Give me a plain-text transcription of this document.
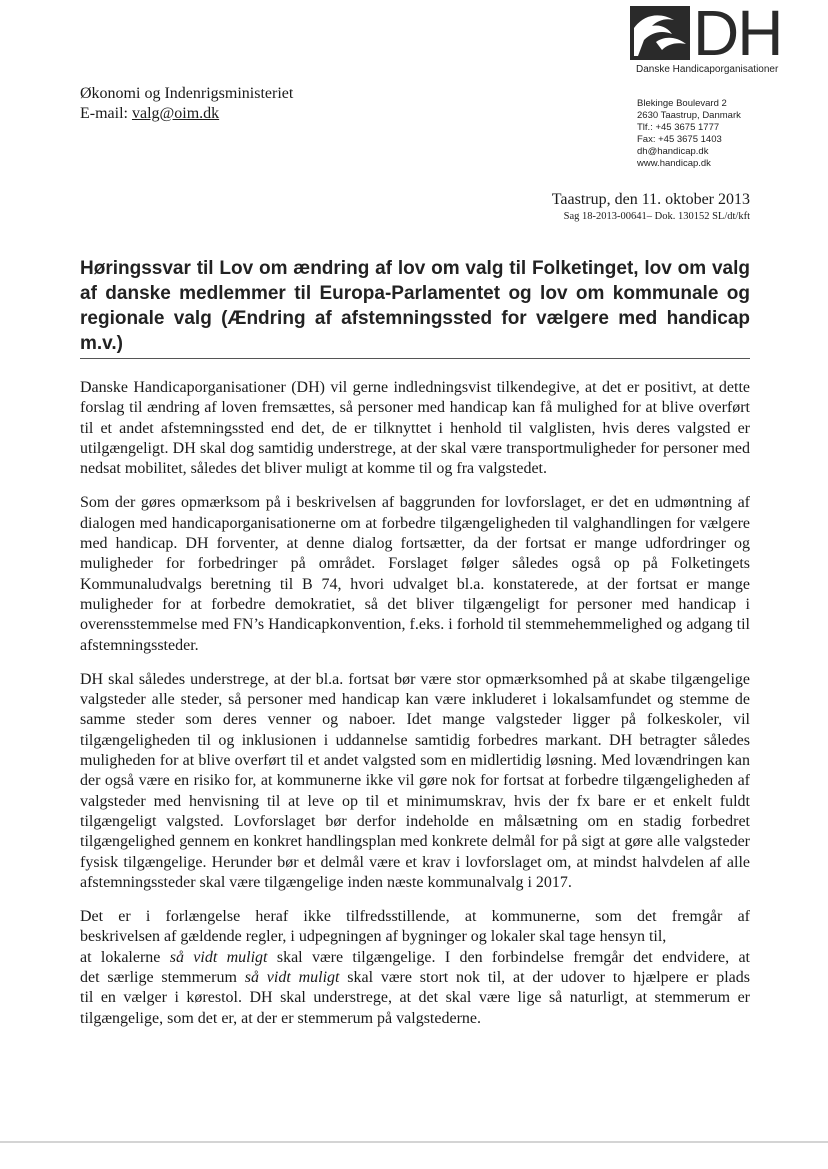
DH
Danske Handicaporganisationer
Økonomi og Indenrigsministeriet
E-mail: valg@oim.dk
Blekinge Boulevard 2
2630 Taastrup, Danmark
Tlf.: +45 3675 1777
Fax: +45 3675 1403
dh@handicap.dk
www.handicap.dk
Taastrup, den 11. oktober 2013
Sag 18-2013-00641– Dok. 130152 SL/dt/kft
Høringssvar til Lov om ændring af lov om valg til Folketinget, lov om valg af danske medlemmer til Europa-Parlamentet og lov om kommunale og regionale valg (Ændring af afstemningssted for vælgere med handicap m.v.)

Danske Handicaporganisationer (DH) vil gerne indledningsvist tilkendegive, at det er positivt, at dette forslag til ændring af loven fremsættes, så personer med handicap kan få mulighed for at blive overført til et andet afstemningssted end det, de er tilknyttet i henhold til valglisten, hvis deres valgsted er utilgængeligt. DH skal dog samtidig understrege, at der skal være transportmuligheder for personer med nedsat mobilitet, således det bliver muligt at komme til og fra valgstedet.

Som der gøres opmærksom på i beskrivelsen af baggrunden for lovforslaget, er det en udmøntning af dialogen med handicaporganisationerne om at forbedre tilgængeligheden til valghandlingen for vælgere med handicap. DH forventer, at denne dialog fortsætter, da der fortsat er mange udfordringer og muligheder for forbedringer på området. Forslaget følger således også op på Folketingets Kommunaludvalgs beretning til B 74, hvori udvalget bl.a. konstaterede, at der fortsat er mange muligheder for at forbedre demokratiet, så det bliver tilgængeligt for personer med handicap i overensstemmelse med FN’s Handicapkonvention, f.eks. i forhold til stemmehemmelighed og adgang til afstemningssteder.

DH skal således understrege, at der bl.a. fortsat bør være stor opmærksomhed på at skabe tilgængelige valgsteder alle steder, så personer med handicap kan være inkluderet i lokalsamfundet og stemme de samme steder som deres venner og naboer. Idet mange valgsteder ligger på folkeskoler, vil tilgængeligheden til og inklusionen i uddannelse samtidig forbedres markant. DH betragter således muligheden for at blive overført til et andet valgsted som en midlertidig løsning. Med lovændringen kan der også være en risiko for, at kommunerne ikke vil gøre nok for fortsat at forbedre tilgængeligheden af valgsteder med henvisning til at leve op til et minimumskrav, hvis der fx bare er et enkelt fuldt tilgængeligt valgsted. Lovforslaget bør derfor indeholde en målsætning om en stadig forbedret tilgængelighed gennem en konkret handlingsplan med konkrete delmål for på sigt at gøre alle valgsteder fysisk tilgængelige. Herunder bør et delmål være et krav i lovforslaget om, at mindst halvdelen af alle afstemningssteder skal være tilgængelige inden næste kommunalvalg i 2017.

Det er i forlængelse heraf ikke tilfredsstillende, at kommunerne, som det fremgår af
beskrivelsen af gældende regler, i udpegningen af bygninger og lokaler skal tage hensyn til,
at lokalerne så vidt muligt skal være tilgængelige. I den forbindelse fremgår det endvidere, at
det særlige stemmerum så vidt muligt skal være stort nok til, at der udover to hjælpere er plads
til en vælger i kørestol. DH skal understrege, at det skal være lige så naturligt, at stemmerum er
tilgængelige, som det er, at der er stemmerum på valgstederne.
